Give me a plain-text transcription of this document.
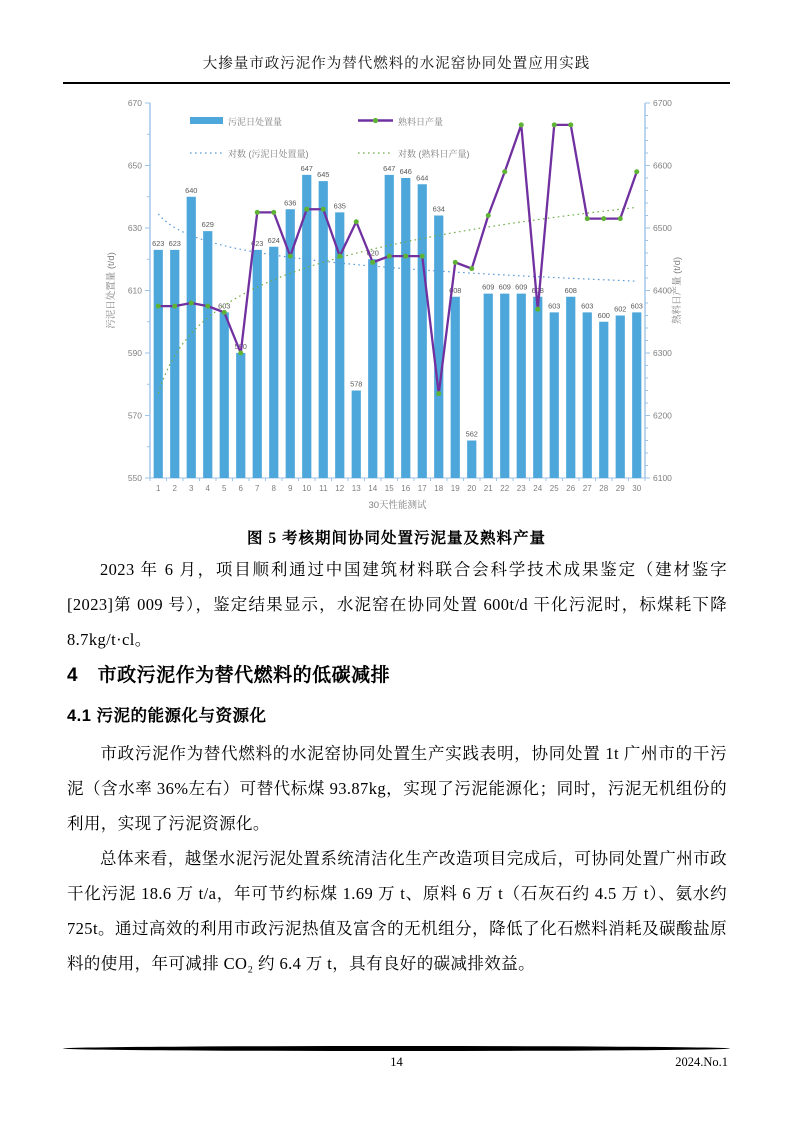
大掺量市政污泥作为替代燃料的水泥窑协同处置应用实践
550
570
590
610
630
650
670
6100
6200
6300
6400
6500
6600
6700
1 2 3 4 5 6 7 8 9 10 11 12 13 14 15 16 17 18 19 20 21 22 23 24 25 26 27 28 29 30
30天性能测试
污泥日处置量 (t/d)	熟料日产量 (t/d)
623 623
640
629
603
590
623 624
636
647
645
635
578
620
647 646
644
634
608
562
609 609 609 608
603
608
603
600
602 603
污泥日处置量	熟料日产量
对数 (污泥日处置量)	对数 (熟料日产量)
图 5 考核期间协同处置污泥量及熟料产量
2023 年 6 月，项目顺利通过中国建筑材料联合会科学技术成果鉴定（建材鉴字[2023]第 009 号），鉴定结果显示，水泥窑在协同处置 600t/d 干化污泥时，标煤耗下降 8.7kg/t·cl。
4　市政污泥作为替代燃料的低碳减排
4.1 污泥的能源化与资源化
市政污泥作为替代燃料的水泥窑协同处置生产实践表明，协同处置 1t 广州市的干污泥（含水率 36%左右）可替代标煤 93.87kg，实现了污泥能源化；同时，污泥无机组份的利用，实现了污泥资源化。
总体来看，越堡水泥污泥处置系统清洁化生产改造项目完成后，可协同处置广州市政干化污泥 18.6 万 t/a，年可节约标煤 1.69 万 t、原料 6 万 t（石灰石约 4.5 万 t）、氨水约 725t。通过高效的利用市政污泥热值及富含的无机组分，降低了化石燃料消耗及碳酸盐原料的使用，年可减排 CO₂ 约 6.4 万 t，具有良好的碳减排效益。
14	2024.No.1
